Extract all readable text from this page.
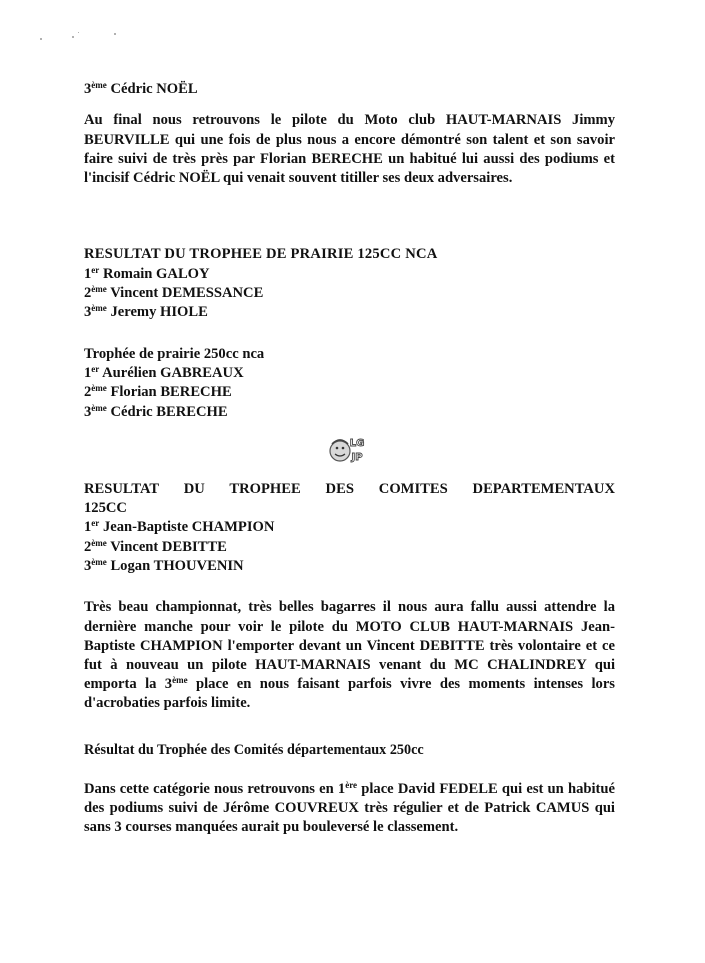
3ème Cédric NOËL

Au final nous retrouvons le pilote du Moto club HAUT-MARNAIS Jimmy BEURVILLE qui une fois de plus nous a encore démontré son talent et son savoir faire suivi de très près par Florian BERECHE un habitué lui aussi des podiums et l'incisif Cédric NOËL qui venait souvent titiller ses deux adversaires.

RESULTAT DU TROPHEE DE PRAIRIE 125CC NCA

1er Romain GALOY

2ème Vincent DEMESSANCE

3ème Jeremy HIOLE

Trophée de prairie 250cc nca

1er Aurélien GABREAUX

2ème Florian BERECHE

3ème Cédric BERECHE

LG
JP

RESULTAT DU TROPHEE DES COMITES DEPARTEMENTAUX

125CC

1er Jean-Baptiste CHAMPION

2ème Vincent DEBITTE

3ème Logan THOUVENIN

Très beau championnat, très belles bagarres il nous aura fallu aussi attendre la dernière manche pour voir le pilote du MOTO CLUB HAUT-MARNAIS Jean-Baptiste CHAMPION l'emporter devant un Vincent DEBITTE très volontaire et ce fut à nouveau un pilote HAUT-MARNAIS venant du MC CHALINDREY qui emporta la 3ème place en nous faisant parfois vivre des moments intenses lors d'acrobaties parfois limite.

Résultat du Trophée des Comités départementaux 250cc

Dans cette catégorie nous retrouvons en 1ère place David FEDELE qui est un habitué des podiums suivi de Jérôme COUVREUX très régulier et de Patrick CAMUS qui sans 3 courses manquées aurait pu bouleversé le classement.
